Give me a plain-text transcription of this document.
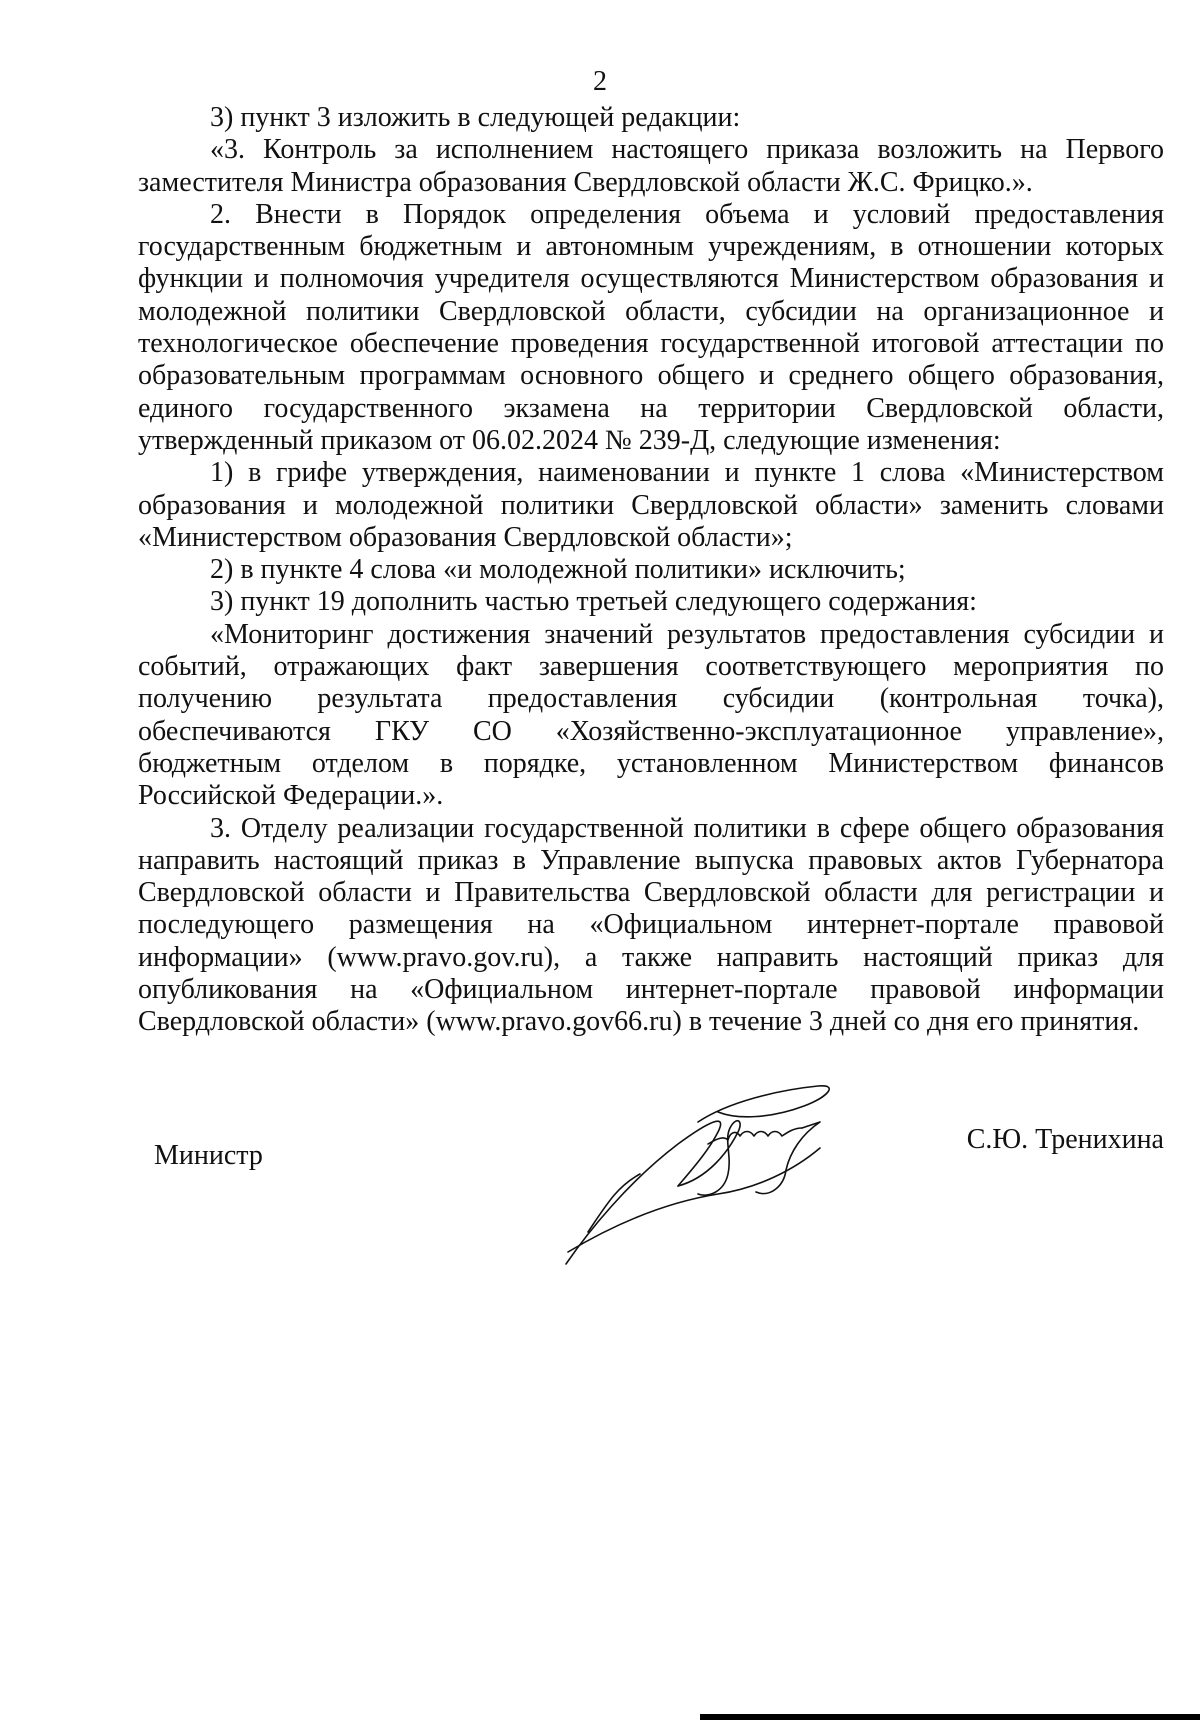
2

3) пункт 3 изложить в следующей редакции:

«3. Контроль за исполнением настоящего приказа возложить на Первого заместителя Министра образования Свердловской области Ж.С. Фрицко.».

2. Внести в Порядок определения объема и условий предоставления государственным бюджетным и автономным учреждениям, в отношении которых функции и полномочия учредителя осуществляются Министерством образования и молодежной политики Свердловской области, субсидии на организационное и технологическое обеспечение проведения государственной итоговой аттестации по образовательным программам основного общего и среднего общего образования, единого государственного экзамена на территории Свердловской области, утвержденный приказом от 06.02.2024 № 239-Д, следующие изменения:

1) в грифе утверждения, наименовании и пункте 1 слова «Министерством образования и молодежной политики Свердловской области» заменить словами «Министерством образования Свердловской области»;

2) в пункте 4 слова «и молодежной политики» исключить;

3) пункт 19 дополнить частью третьей следующего содержания:

«Мониторинг достижения значений результатов предоставления субсидии и событий, отражающих факт завершения соответствующего мероприятия по получению результата предоставления субсидии (контрольная точка), обеспечиваются ГКУ СО «Хозяйственно-эксплуатационное управление», бюджетным отделом в порядке, установленном Министерством финансов Российской Федерации.».

3. Отделу реализации государственной политики в сфере общего образования направить настоящий приказ в Управление выпуска правовых актов Губернатора Свердловской области и Правительства Свердловской области для регистрации и последующего размещения на «Официальном интернет-портале правовой информации» (www.pravo.gov.ru), а также направить настоящий приказ для опубликования на «Официальном интернет-портале правовой информации Свердловской области» (www.pravo.gov66.ru) в течение 3 дней со дня его принятия.

Министр
С.Ю. Тренихина
